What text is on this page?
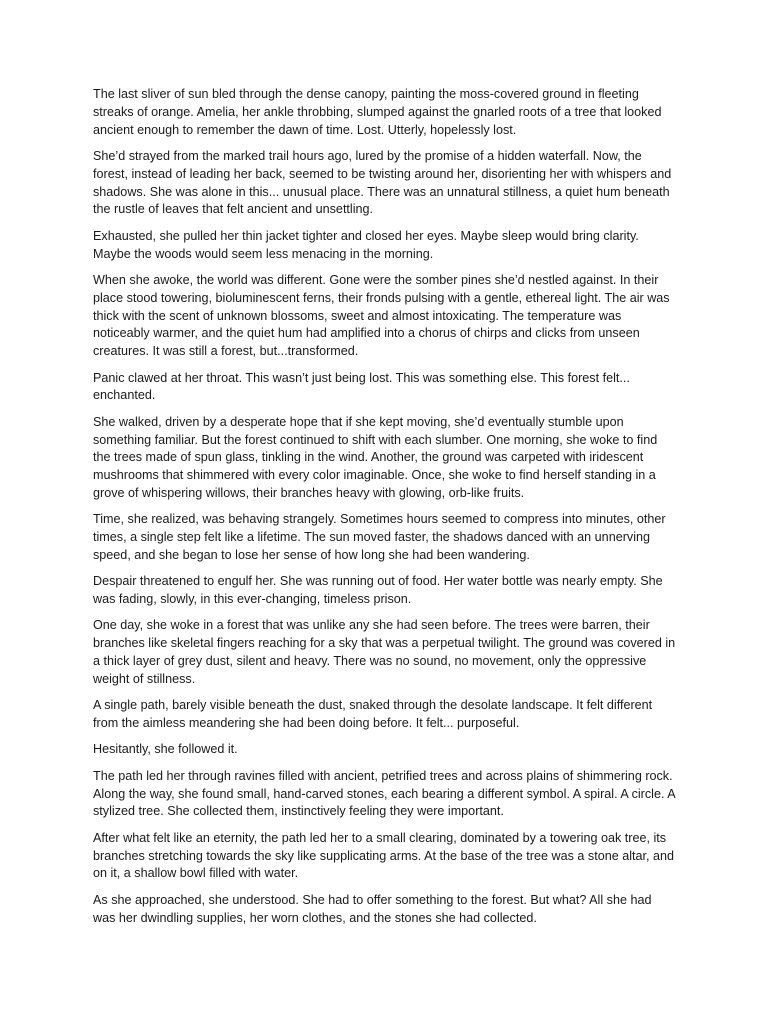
The last sliver of sun bled through the dense canopy, painting the moss-covered ground in fleeting streaks of orange. Amelia, her ankle throbbing, slumped against the gnarled roots of a tree that looked ancient enough to remember the dawn of time. Lost. Utterly, hopelessly lost.

She’d strayed from the marked trail hours ago, lured by the promise of a hidden waterfall. Now, the forest, instead of leading her back, seemed to be twisting around her, disorienting her with whispers and shadows. She was alone in this... unusual place. There was an unnatural stillness, a quiet hum beneath the rustle of leaves that felt ancient and unsettling.

Exhausted, she pulled her thin jacket tighter and closed her eyes. Maybe sleep would bring clarity. Maybe the woods would seem less menacing in the morning.

When she awoke, the world was different. Gone were the somber pines she’d nestled against. In their place stood towering, bioluminescent ferns, their fronds pulsing with a gentle, ethereal light. The air was thick with the scent of unknown blossoms, sweet and almost intoxicating. The temperature was noticeably warmer, and the quiet hum had amplified into a chorus of chirps and clicks from unseen creatures. It was still a forest, but...transformed.

Panic clawed at her throat. This wasn’t just being lost. This was something else. This forest felt... enchanted.

She walked, driven by a desperate hope that if she kept moving, she’d eventually stumble upon something familiar. But the forest continued to shift with each slumber. One morning, she woke to find the trees made of spun glass, tinkling in the wind. Another, the ground was carpeted with iridescent mushrooms that shimmered with every color imaginable. Once, she woke to find herself standing in a grove of whispering willows, their branches heavy with glowing, orb-like fruits.

Time, she realized, was behaving strangely. Sometimes hours seemed to compress into minutes, other times, a single step felt like a lifetime. The sun moved faster, the shadows danced with an unnerving speed, and she began to lose her sense of how long she had been wandering.

Despair threatened to engulf her. She was running out of food. Her water bottle was nearly empty. She was fading, slowly, in this ever-changing, timeless prison.

One day, she woke in a forest that was unlike any she had seen before. The trees were barren, their branches like skeletal fingers reaching for a sky that was a perpetual twilight. The ground was covered in a thick layer of grey dust, silent and heavy. There was no sound, no movement, only the oppressive weight of stillness.

A single path, barely visible beneath the dust, snaked through the desolate landscape. It felt different from the aimless meandering she had been doing before. It felt... purposeful.

Hesitantly, she followed it.

The path led her through ravines filled with ancient, petrified trees and across plains of shimmering rock. Along the way, she found small, hand-carved stones, each bearing a different symbol. A spiral. A circle. A stylized tree. She collected them, instinctively feeling they were important.

After what felt like an eternity, the path led her to a small clearing, dominated by a towering oak tree, its branches stretching towards the sky like supplicating arms. At the base of the tree was a stone altar, and on it, a shallow bowl filled with water.

As she approached, she understood. She had to offer something to the forest. But what? All she had was her dwindling supplies, her worn clothes, and the stones she had collected.
